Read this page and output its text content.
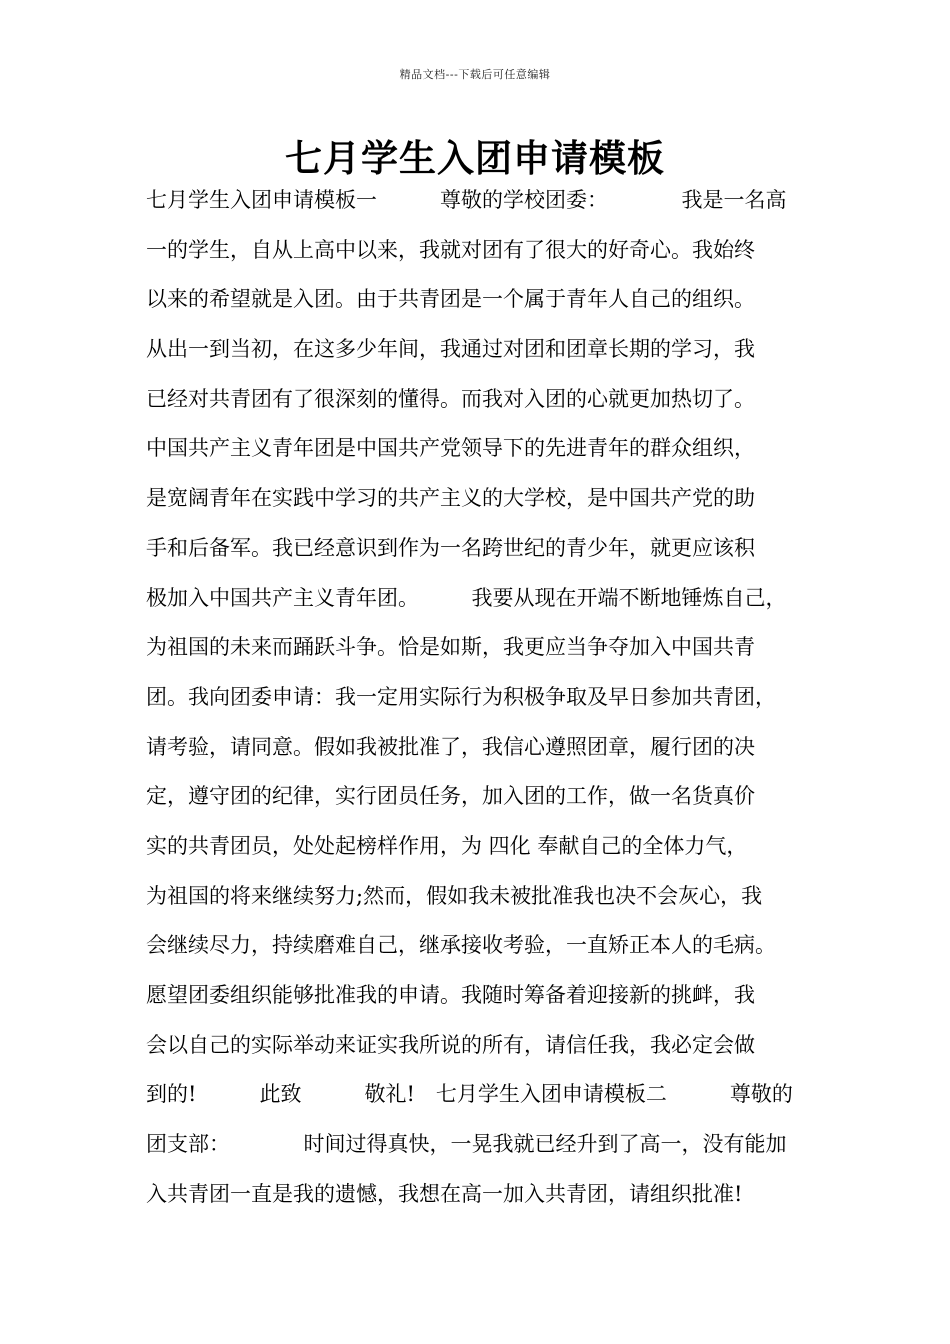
精品文档---下载后可任意编辑
七月学生入团申请模板
七月学生入团申请模板一　　　尊敬的学校团委：　　　　我是一名高
一的学生，自从上高中以来，我就对团有了很大的好奇心。我始终
以来的希望就是入团。由于共青团是一个属于青年人自己的组织。
从出一到当初，在这多少年间，我通过对团和团章长期的学习，我
已经对共青团有了很深刻的懂得。而我对入团的心就更加热切了。
中国共产主义青年团是中国共产党领导下的先进青年的群众组织，
是宽阔青年在实践中学习的共产主义的大学校，是中国共产党的助
手和后备军。我已经意识到作为一名跨世纪的青少年，就更应该积
极加入中国共产主义青年团。　　　我要从现在开端不断地锤炼自己，
为祖国的未来而踊跃斗争。恰是如斯，我更应当争夺加入中国共青
团。我向团委申请：我一定用实际行为积极争取及早日参加共青团，
请考验，请同意。假如我被批准了，我信心遵照团章，履行团的决
定，遵守团的纪律，实行团员任务，加入团的工作，做一名货真价
实的共青团员，处处起榜样作用，为 四化 奉献自己的全体力气，
为祖国的将来继续努力;然而，假如我未被批准我也决不会灰心，我
会继续尽力，持续磨难自己，继承接收考验，一直矫正本人的毛病。
愿望团委组织能够批准我的申请。我随时筹备着迎接新的挑衅，我
会以自己的实际举动来证实我所说的所有，请信任我，我必定会做
到的!　　　此致　　　敬礼!　七月学生入团申请模板二　　　尊敬的
团支部：　　　　时间过得真快，一晃我就已经升到了高一，没有能加
入共青团一直是我的遗憾，我想在高一加入共青团，请组织批准!
